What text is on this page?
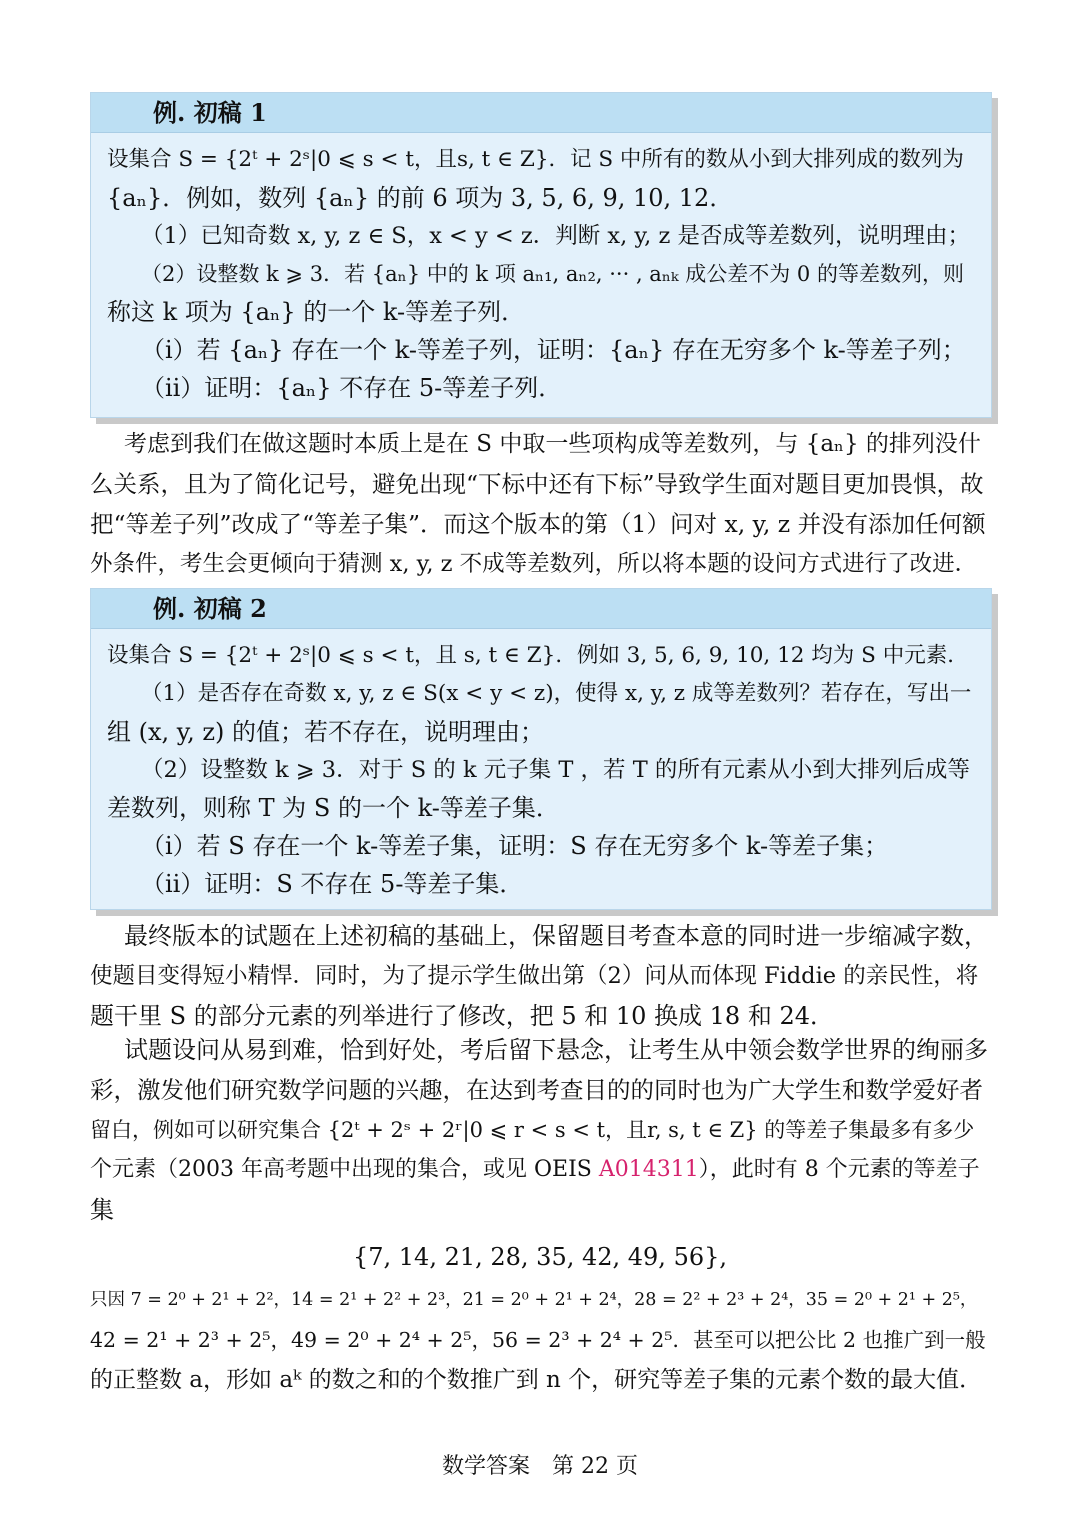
例. 初稿 1
设集合 S = {2ᵗ + 2ˢ|0 ⩽ s < t，且s, t ∈ Z}．记 S 中所有的数从小到大排列成的数列为
{aₙ}．例如，数列 {aₙ} 的前 6 项为 3, 5, 6, 9, 10, 12．
（1）已知奇数 x, y, z ∈ S，x < y < z．判断 x, y, z 是否成等差数列，说明理由；
（2）设整数 k ⩾ 3．若 {aₙ} 中的 k 项 aₙ₁, aₙ₂, ··· , aₙₖ 成公差不为 0 的等差数列，则
称这 k 项为 {aₙ} 的一个 k-等差子列．
（ⅰ）若 {aₙ} 存在一个 k-等差子列，证明：{aₙ} 存在无穷多个 k-等差子列；
（ⅱ）证明：{aₙ} 不存在 5-等差子列．
考虑到我们在做这题时本质上是在 S 中取一些项构成等差数列，与 {aₙ} 的排列没什
么关系，且为了简化记号，避免出现“下标中还有下标”导致学生面对题目更加畏惧，故
把“等差子列”改成了“等差子集”．而这个版本的第（1）问对 x, y, z 并没有添加任何额
外条件，考生会更倾向于猜测 x, y, z 不成等差数列，所以将本题的设问方式进行了改进．
例. 初稿 2
设集合 S = {2ᵗ + 2ˢ|0 ⩽ s < t，且 s, t ∈ Z}．例如 3, 5, 6, 9, 10, 12 均为 S 中元素．
（1）是否存在奇数 x, y, z ∈ S(x < y < z)，使得 x, y, z 成等差数列？若存在，写出一
组 (x, y, z) 的值；若不存在，说明理由；
（2）设整数 k ⩾ 3．对于 S 的 k 元子集 T ，若 T 的所有元素从小到大排列后成等
差数列，则称 T 为 S 的一个 k-等差子集．
（ⅰ）若 S 存在一个 k-等差子集，证明：S 存在无穷多个 k-等差子集；
（ⅱ）证明：S 不存在 5-等差子集．
最终版本的试题在上述初稿的基础上，保留题目考查本意的同时进一步缩减字数，
使题目变得短小精悍．同时，为了提示学生做出第（2）问从而体现 Fiddie 的亲民性，将
题干里 S 的部分元素的列举进行了修改，把 5 和 10 换成 18 和 24．
试题设问从易到难，恰到好处，考后留下悬念，让考生从中领会数学世界的绚丽多
彩，激发他们研究数学问题的兴趣，在达到考查目的的同时也为广大学生和数学爱好者
留白，例如可以研究集合 {2ᵗ + 2ˢ + 2ʳ|0 ⩽ r < s < t，且r, s, t ∈ Z} 的等差子集最多有多少
个元素（2003 年高考题中出现的集合，或见 OEIS A014311），此时有 8 个元素的等差子
集
{7, 14, 21, 28, 35, 42, 49, 56},
只因 7 = 2⁰ + 2¹ + 2²，14 = 2¹ + 2² + 2³，21 = 2⁰ + 2¹ + 2⁴，28 = 2² + 2³ + 2⁴，35 = 2⁰ + 2¹ + 2⁵，
42 = 2¹ + 2³ + 2⁵，49 = 2⁰ + 2⁴ + 2⁵，56 = 2³ + 2⁴ + 2⁵．甚至可以把公比 2 也推广到一般
的正整数 a，形如 aᵏ 的数之和的个数推广到 n 个，研究等差子集的元素个数的最大值．
数学答案　第 22 页
